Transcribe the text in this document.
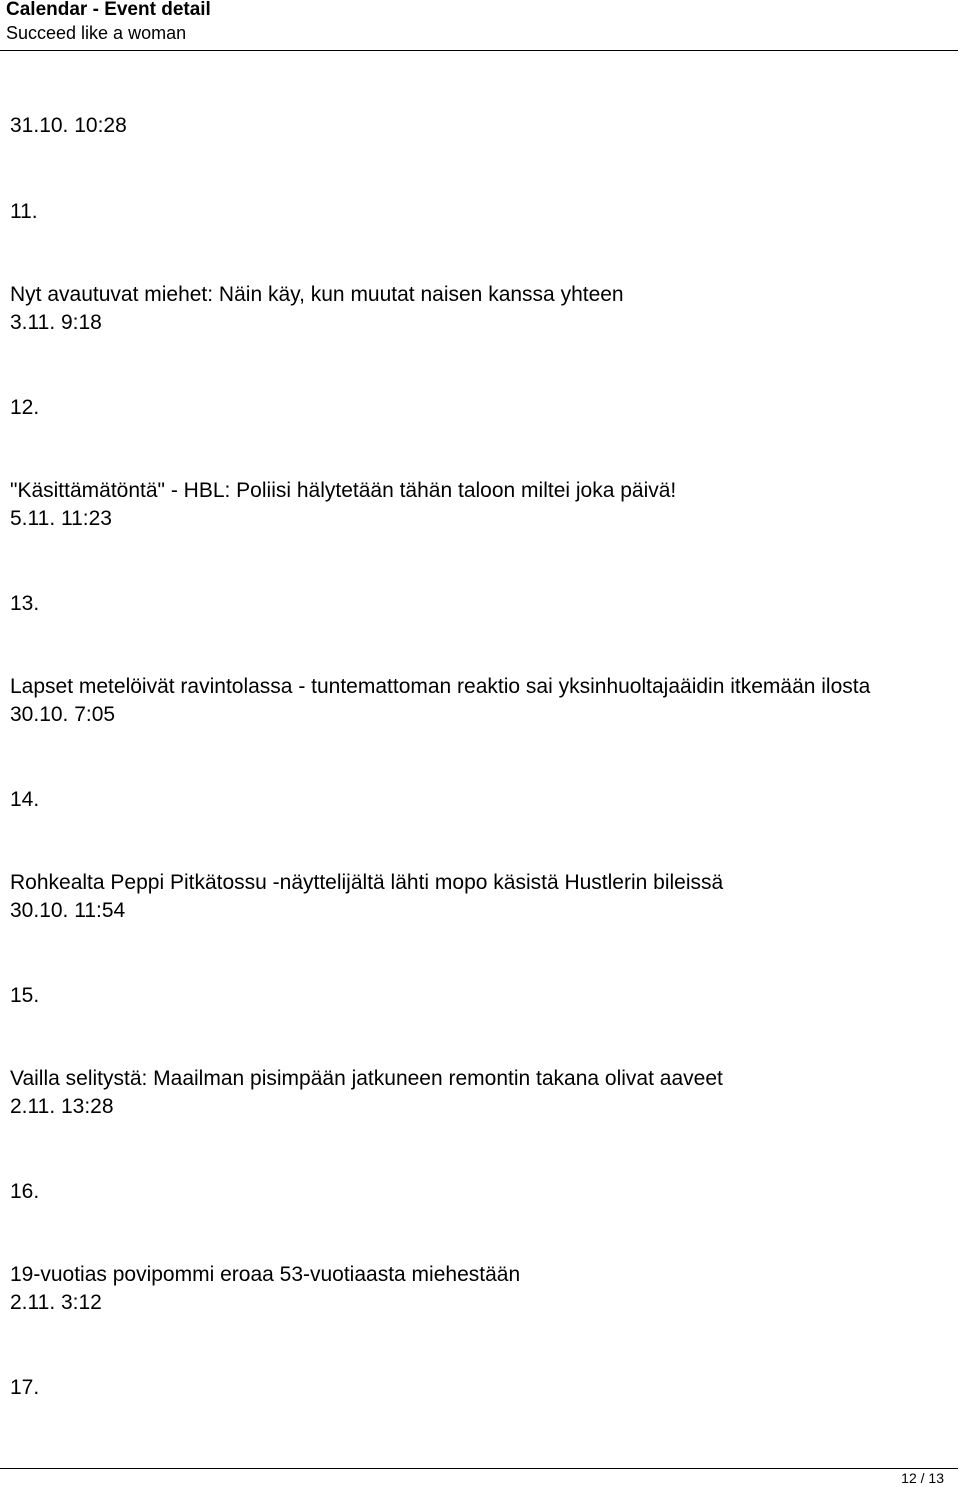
Calendar - Event detail
Succeed like a woman
31.10. 10:28
11.
Nyt avautuvat miehet: Näin käy, kun muutat naisen kanssa yhteen
3.11. 9:18
12.
"Käsittämätöntä" - HBL: Poliisi hälytetään tähän taloon miltei joka päivä!
5.11. 11:23
13.
Lapset metelöivät ravintolassa - tuntemattoman reaktio sai yksinhuoltajaäidin itkemään ilosta
30.10. 7:05
14.
Rohkealta Peppi Pitkätossu -näyttelijältä lähti mopo käsistä Hustlerin bileissä
30.10. 11:54
15.
Vailla selitystä: Maailman pisimpään jatkuneen remontin takana olivat aaveet
2.11. 13:28
16.
19-vuotias povipommi eroaa 53-vuotiaasta miehestään
2.11. 3:12
17.
12 / 13
